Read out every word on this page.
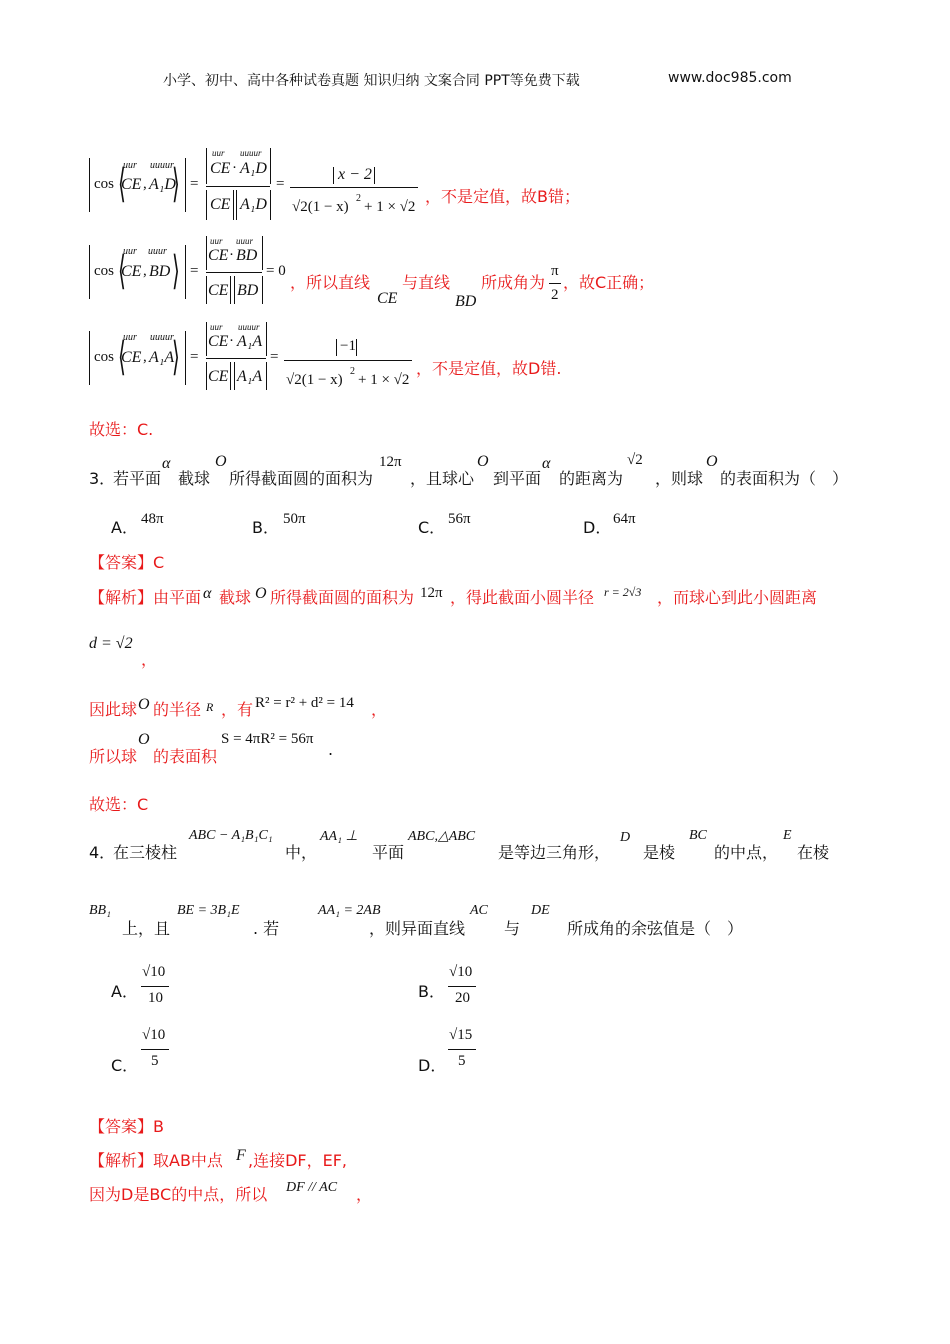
小学、初中、高中各种试卷真题 知识归纳 文案合同 PPT等免费下载	www.doc985.com
cos ⟨
uur uuuur
CE , A₁D
⟩ =
uur uuuur
CE · A₁D
CE A₁D
=
x − 2
√2(1 − x)
2
+ 1 × √2
，不是定值，故B错；
cos ⟨
uur uuur
CE , BD ⟩ =
uur uuur
CE · BD
CE BD
= 0
，所以直线
CE
与直线
BD
所成角为
π
2
，故C正确；
cos ⟨
uur uuuur
CE , A₁A
⟩ =
uur uuuur
CE · A₁A
CE A₁A
=
−1
√2(1 − x)
2
+ 1 × √2
，不是定值，故D错.
故选：C.
3．
若平面
α
截球
O
所得截面圆的面积为
12π
，且球心
O
到平面
α
的距离为
√2
，则球
O
的表面积为（　）
A． 48π	B． 50π	C． 56π	D． 64π
【答案】C
【解析】 由平面 α 截球 O 所得截面圆的面积为 12π ，得此截面小圆半径 r = 2√3 ，而球心到此小圆距离
d = √2
，
因此球 O 的半径 R ，有 R² = r² + d² = 14 ，
所以球
O
的表面积
S = 4πR² = 56π
.
故选：C
4．
在三棱柱
ABC − A₁B₁C₁
中，
AA₁ ⊥
平面
ABC,△ABC
是等边三角形，
D
是棱
BC
的中点，
E
在棱
BB₁
上，且
BE = 3B₁E
. 若
AA₁ = 2AB
，则异面直线
AC
与
DE
所成角的余弦值是（　）
A．
√10
10	B．
√10
20
C．
√10
5	D．
√15
5
【答案】B
【解析】 取AB中点 F ,连接DF，EF,
因为D是BC的中点，所以 DF // AC ，
